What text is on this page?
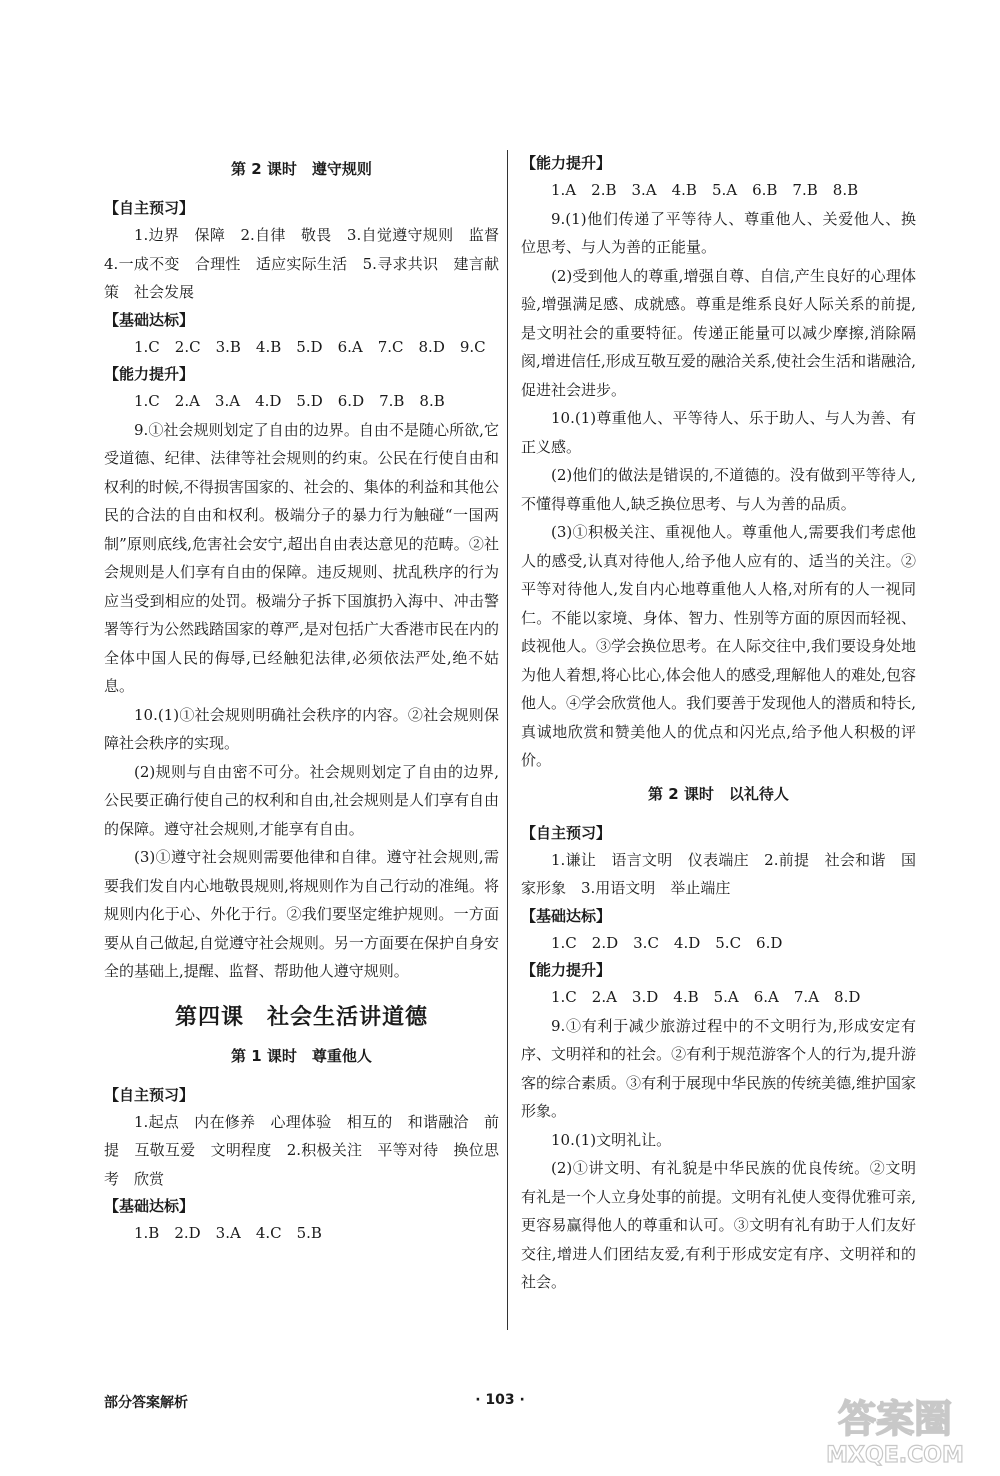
第 2 课时　遵守规则
【自主预习】

1.边界　保障　2.自律　敬畏　3.自觉遵守规则　监督　4.一成不变　合理性　适应实际生活　5.寻求共识　建言献策　社会发展

【基础达标】

1.C　2.C　3.B　4.B　5.D　6.A　7.C　8.D　9.C

【能力提升】

1.C　2.A　3.A　4.D　5.D　6.D　7.B　8.B

9.①社会规则划定了自由的边界。自由不是随心所欲,它受道德、纪律、法律等社会规则的约束。公民在行使自由和权利的时候,不得损害国家的、社会的、集体的利益和其他公民的合法的自由和权利。极端分子的暴力行为触碰“一国两制”原则底线,危害社会安宁,超出自由表达意见的范畴。②社会规则是人们享有自由的保障。违反规则、扰乱秩序的行为应当受到相应的处罚。极端分子拆下国旗扔入海中、冲击警署等行为公然践踏国家的尊严,是对包括广大香港市民在内的全体中国人民的侮辱,已经触犯法律,必须依法严处,绝不姑息。

10.(1)①社会规则明确社会秩序的内容。②社会规则保障社会秩序的实现。

(2)规则与自由密不可分。社会规则划定了自由的边界,公民要正确行使自己的权利和自由,社会规则是人们享有自由的保障。遵守社会规则,才能享有自由。

(3)①遵守社会规则需要他律和自律。遵守社会规则,需要我们发自内心地敬畏规则,将规则作为自己行动的准绳。将规则内化于心、外化于行。②我们要坚定维护规则。一方面要从自己做起,自觉遵守社会规则。另一方面要在保护自身安全的基础上,提醒、监督、帮助他人遵守规则。

第四课　社会生活讲道德
第 1 课时　尊重他人
【自主预习】

1.起点　内在修养　心理体验　相互的　和谐融洽　前提　互敬互爱　文明程度　2.积极关注　平等对待　换位思考　欣赏

【基础达标】

1.B　2.D　3.A　4.C　5.B

【能力提升】

1.A　2.B　3.A　4.B　5.A　6.B　7.B　8.B

9.(1)他们传递了平等待人、尊重他人、关爱他人、换位思考、与人为善的正能量。

(2)受到他人的尊重,增强自尊、自信,产生良好的心理体验,增强满足感、成就感。尊重是维系良好人际关系的前提,是文明社会的重要特征。传递正能量可以减少摩擦,消除隔阂,增进信任,形成互敬互爱的融洽关系,使社会生活和谐融洽,促进社会进步。

10.(1)尊重他人、平等待人、乐于助人、与人为善、有正义感。

(2)他们的做法是错误的,不道德的。没有做到平等待人,不懂得尊重他人,缺乏换位思考、与人为善的品质。

(3)①积极关注、重视他人。尊重他人,需要我们考虑他人的感受,认真对待他人,给予他人应有的、适当的关注。②平等对待他人,发自内心地尊重他人人格,对所有的人一视同仁。不能以家境、身体、智力、性别等方面的原因而轻视、歧视他人。③学会换位思考。在人际交往中,我们要设身处地为他人着想,将心比心,体会他人的感受,理解他人的难处,包容他人。④学会欣赏他人。我们要善于发现他人的潜质和特长,真诚地欣赏和赞美他人的优点和闪光点,给予他人积极的评价。

第 2 课时　以礼待人
【自主预习】

1.谦让　语言文明　仪表端庄　2.前提　社会和谐　国家形象　3.用语文明　举止端庄

【基础达标】

1.C　2.D　3.C　4.D　5.C　6.D

【能力提升】

1.C　2.A　3.D　4.B　5.A　6.A　7.A　8.D

9.①有利于减少旅游过程中的不文明行为,形成安定有序、文明祥和的社会。②有利于规范游客个人的行为,提升游客的综合素质。③有利于展现中华民族的传统美德,维护国家形象。

10.(1)文明礼让。

(2)①讲文明、有礼貌是中华民族的优良传统。②文明有礼是一个人立身处事的前提。文明有礼使人变得优雅可亲,更容易赢得他人的尊重和认可。③文明有礼有助于人们友好交往,增进人们团结友爱,有利于形成安定有序、文明祥和的社会。

部分答案解析	· 103 ·	答案圈
MXQE.COM
